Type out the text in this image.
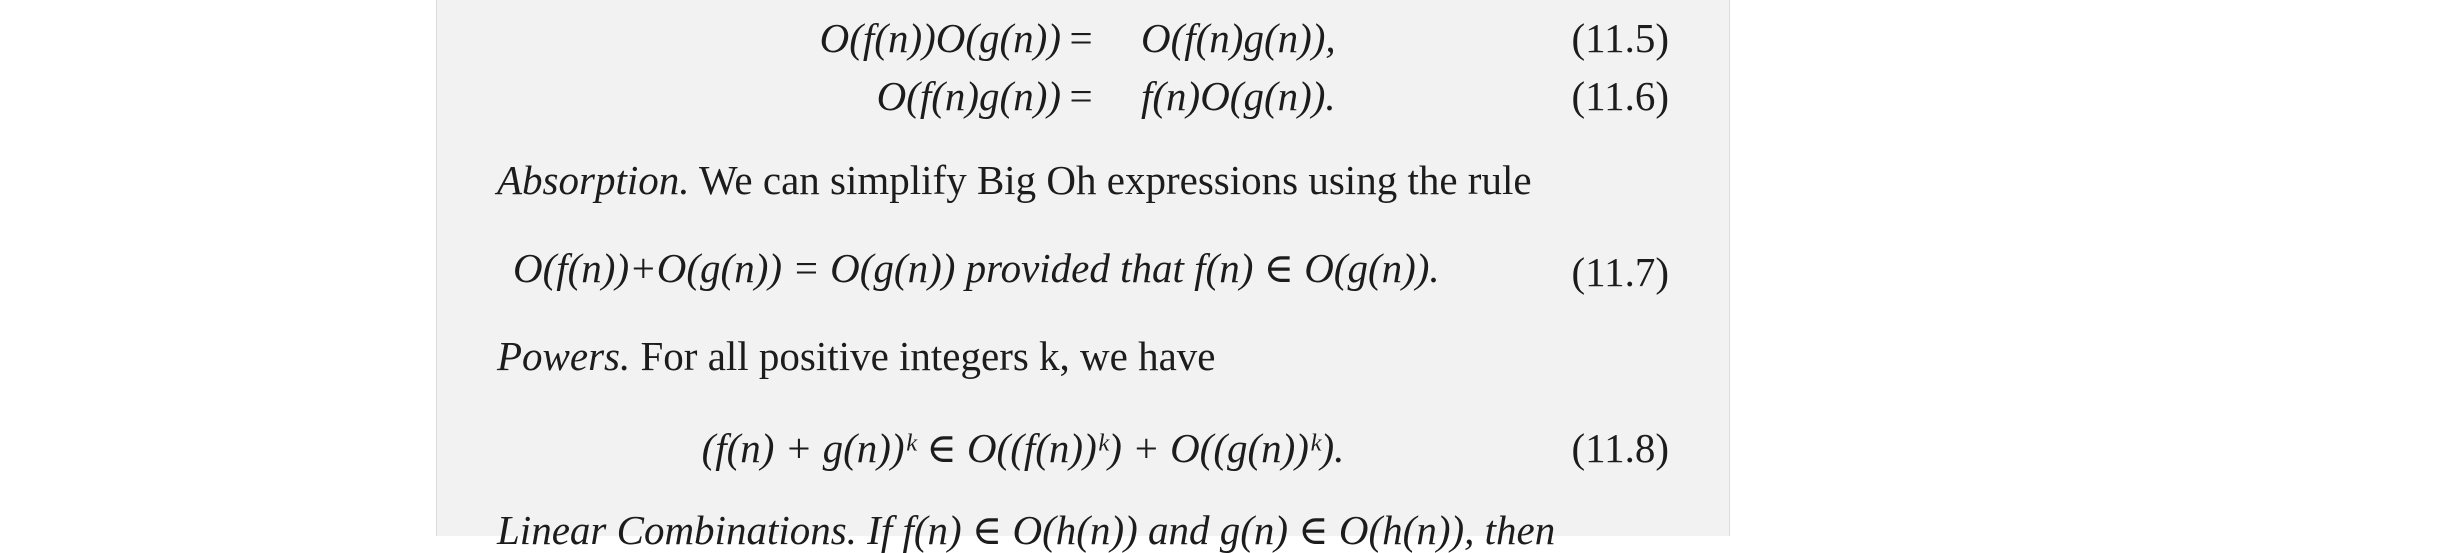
O(f(n))O(g(n)) = O(f(n)g(n)),	(11.5)
O(f(n)g(n)) = f(n)O(g(n)).	(11.6)
Absorption. We can simplify Big Oh expressions using the rule
O(f(n))+O(g(n)) = O(g(n)) provided that f(n) ∈ O(g(n)).	(11.7)
Powers. For all positive integers k, we have
(f(n) + g(n))ᵏ ∈ O((f(n))ᵏ) + O((g(n))ᵏ).	(11.8)
Linear Combinations. If f(n) ∈ O(h(n)) and g(n) ∈ O(h(n)), then
